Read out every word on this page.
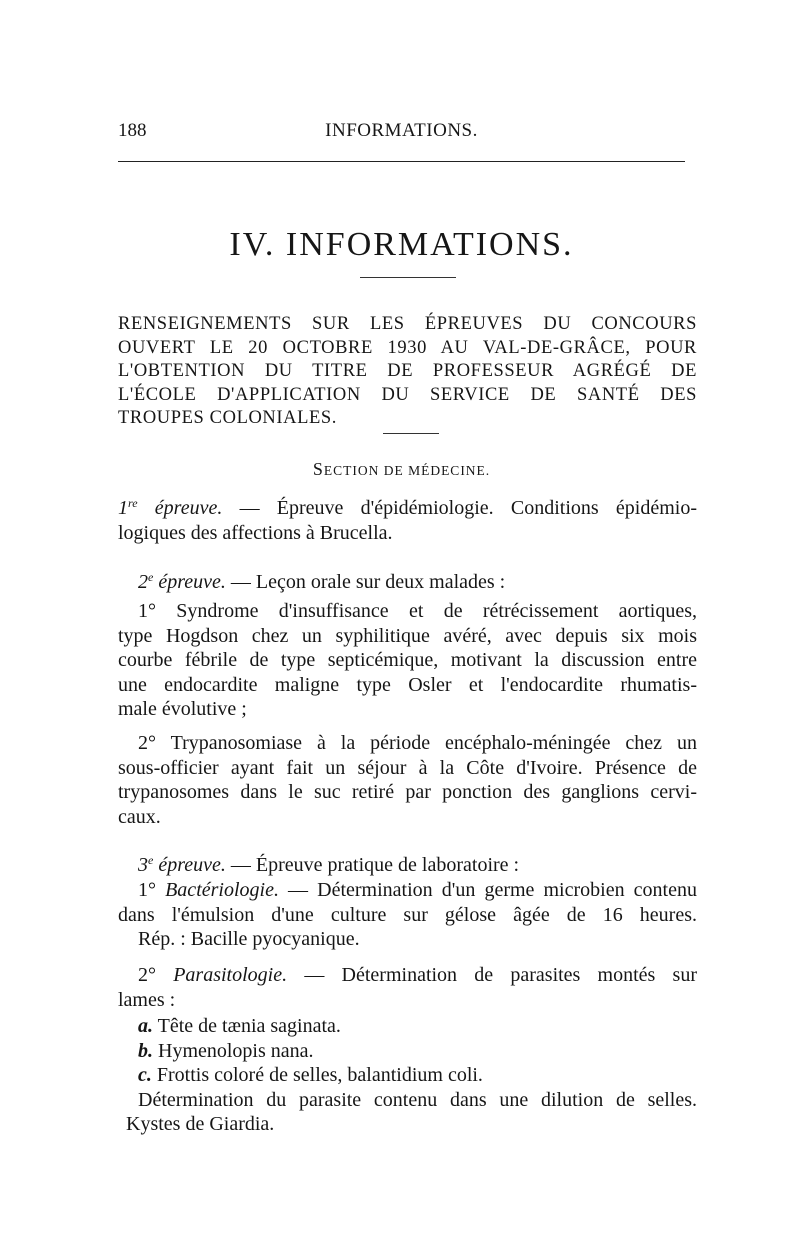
188	INFORMATIONS.
IV. INFORMATIONS.
RENSEIGNEMENTS SUR LES ÉPREUVES DU CONCOURS
OUVERT LE 20 OCTOBRE 1930 AU VAL-DE-GRÂCE, POUR
L'OBTENTION DU TITRE DE PROFESSEUR AGRÉGÉ DE
L'ÉCOLE D'APPLICATION DU SERVICE DE SANTÉ DES
TROUPES COLONIALES.
SECTION DE MÉDECINE.
1re épreuve. — Épreuve d'épidémiologie. Conditions épidémio-
logiques des affections à Brucella.
2e épreuve. — Leçon orale sur deux malades :
1° Syndrome d'insuffisance et de rétrécissement aortiques,
type Hogdson chez un syphilitique avéré, avec depuis six mois
courbe fébrile de type septicémique, motivant la discussion entre
une endocardite maligne type Osler et l'endocardite rhumatis-
male évolutive ;
2° Trypanosomiase à la période encéphalo-méningée chez un
sous-officier ayant fait un séjour à la Côte d'Ivoire. Présence de
trypanosomes dans le suc retiré par ponction des ganglions cervi-
caux.
3e épreuve. — Épreuve pratique de laboratoire :
1° Bactériologie. — Détermination d'un germe microbien contenu
dans l'émulsion d'une culture sur gélose âgée de 16 heures.
Rép. : Bacille pyocyanique.
2° Parasitologie. — Détermination de parasites montés sur
lames :
a. Tête de tænia saginata.
b. Hymenolopis nana.
c. Frottis coloré de selles, balantidium coli.
Détermination du parasite contenu dans une dilution de selles.
Kystes de Giardia.
